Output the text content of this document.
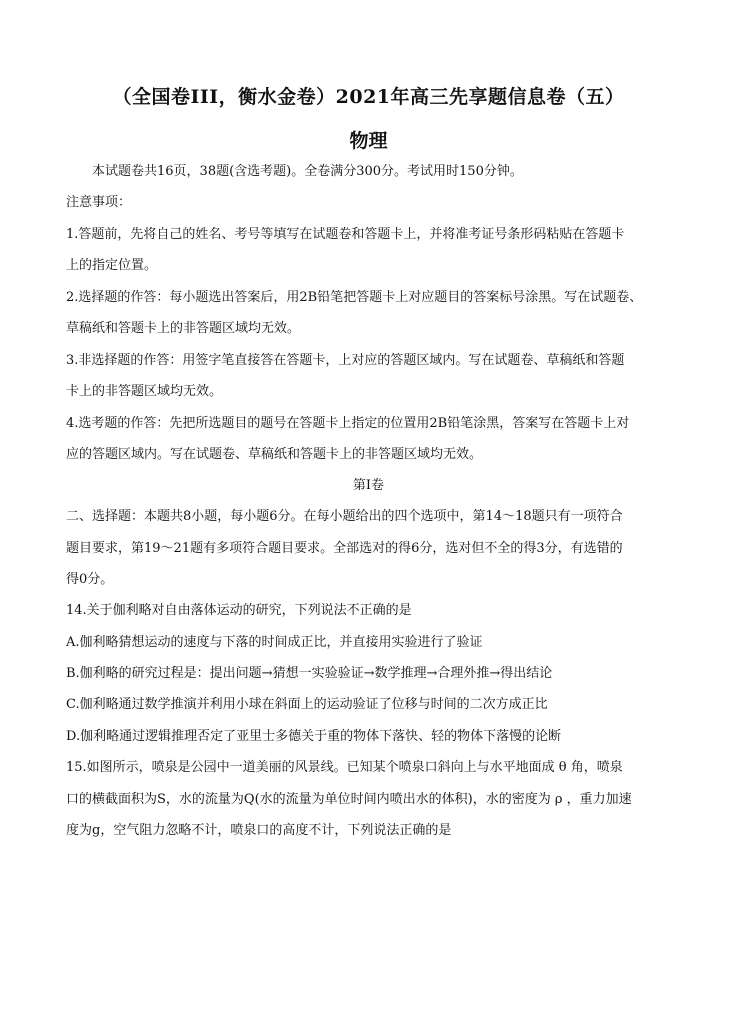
（全国卷III，衡水金卷）2021年高三先享题信息卷（五）
物理
本试题卷共16页，38题(含选考题)。全卷满分300分。考试用时150分钟。
注意事项：
1.答题前，先将自己的姓名、考号等填写在试题卷和答题卡上，并将准考证号条形码粘贴在答题卡
上的指定位置。
2.选择题的作答：每小题选出答案后，用2B铅笔把答题卡上对应题目的答案标号涂黑。写在试题卷、
草稿纸和答题卡上的非答题区域均无效。
3.非选择题的作答：用签字笔直接答在答题卡，上对应的答题区域内。写在试题卷、草稿纸和答题
卡上的非答题区域均无效。
4.选考题的作答：先把所选题目的题号在答题卡上指定的位置用2B铅笔涂黑，答案写在答题卡上对
应的答题区域内。写在试题卷、草稿纸和答题卡上的非答题区域均无效。
第I卷
二、选择题：本题共8小题，每小题6分。在每小题给出的四个选项中，第14～18题只有一项符合
题目要求，第19～21题有多项符合题目要求。全部选对的得6分，选对但不全的得3分，有选错的
得0分。
14.关于伽利略对自由落体运动的研究，下列说法不正确的是
A.伽利略猜想运动的速度与下落的时间成正比，并直接用实验进行了验证
B.伽利略的研究过程是：提出问题→猜想一实验验证→数学推理→合理外推→得出结论
C.伽利略通过数学推演并利用小球在斜面上的运动验证了位移与时间的二次方成正比
D.伽利略通过逻辑推理否定了亚里士多德关于重的物体下落快、轻的物体下落慢的论断
15.如图所示，喷泉是公园中一道美丽的风景线。已知某个喷泉口斜向上与水平地面成 θ 角，喷泉
口的横截面积为S，水的流量为Q(水的流量为单位时间内喷出水的体积)，水的密度为 ρ ，重力加速
度为g，空气阻力忽略不计，喷泉口的高度不计，下列说法正确的是
